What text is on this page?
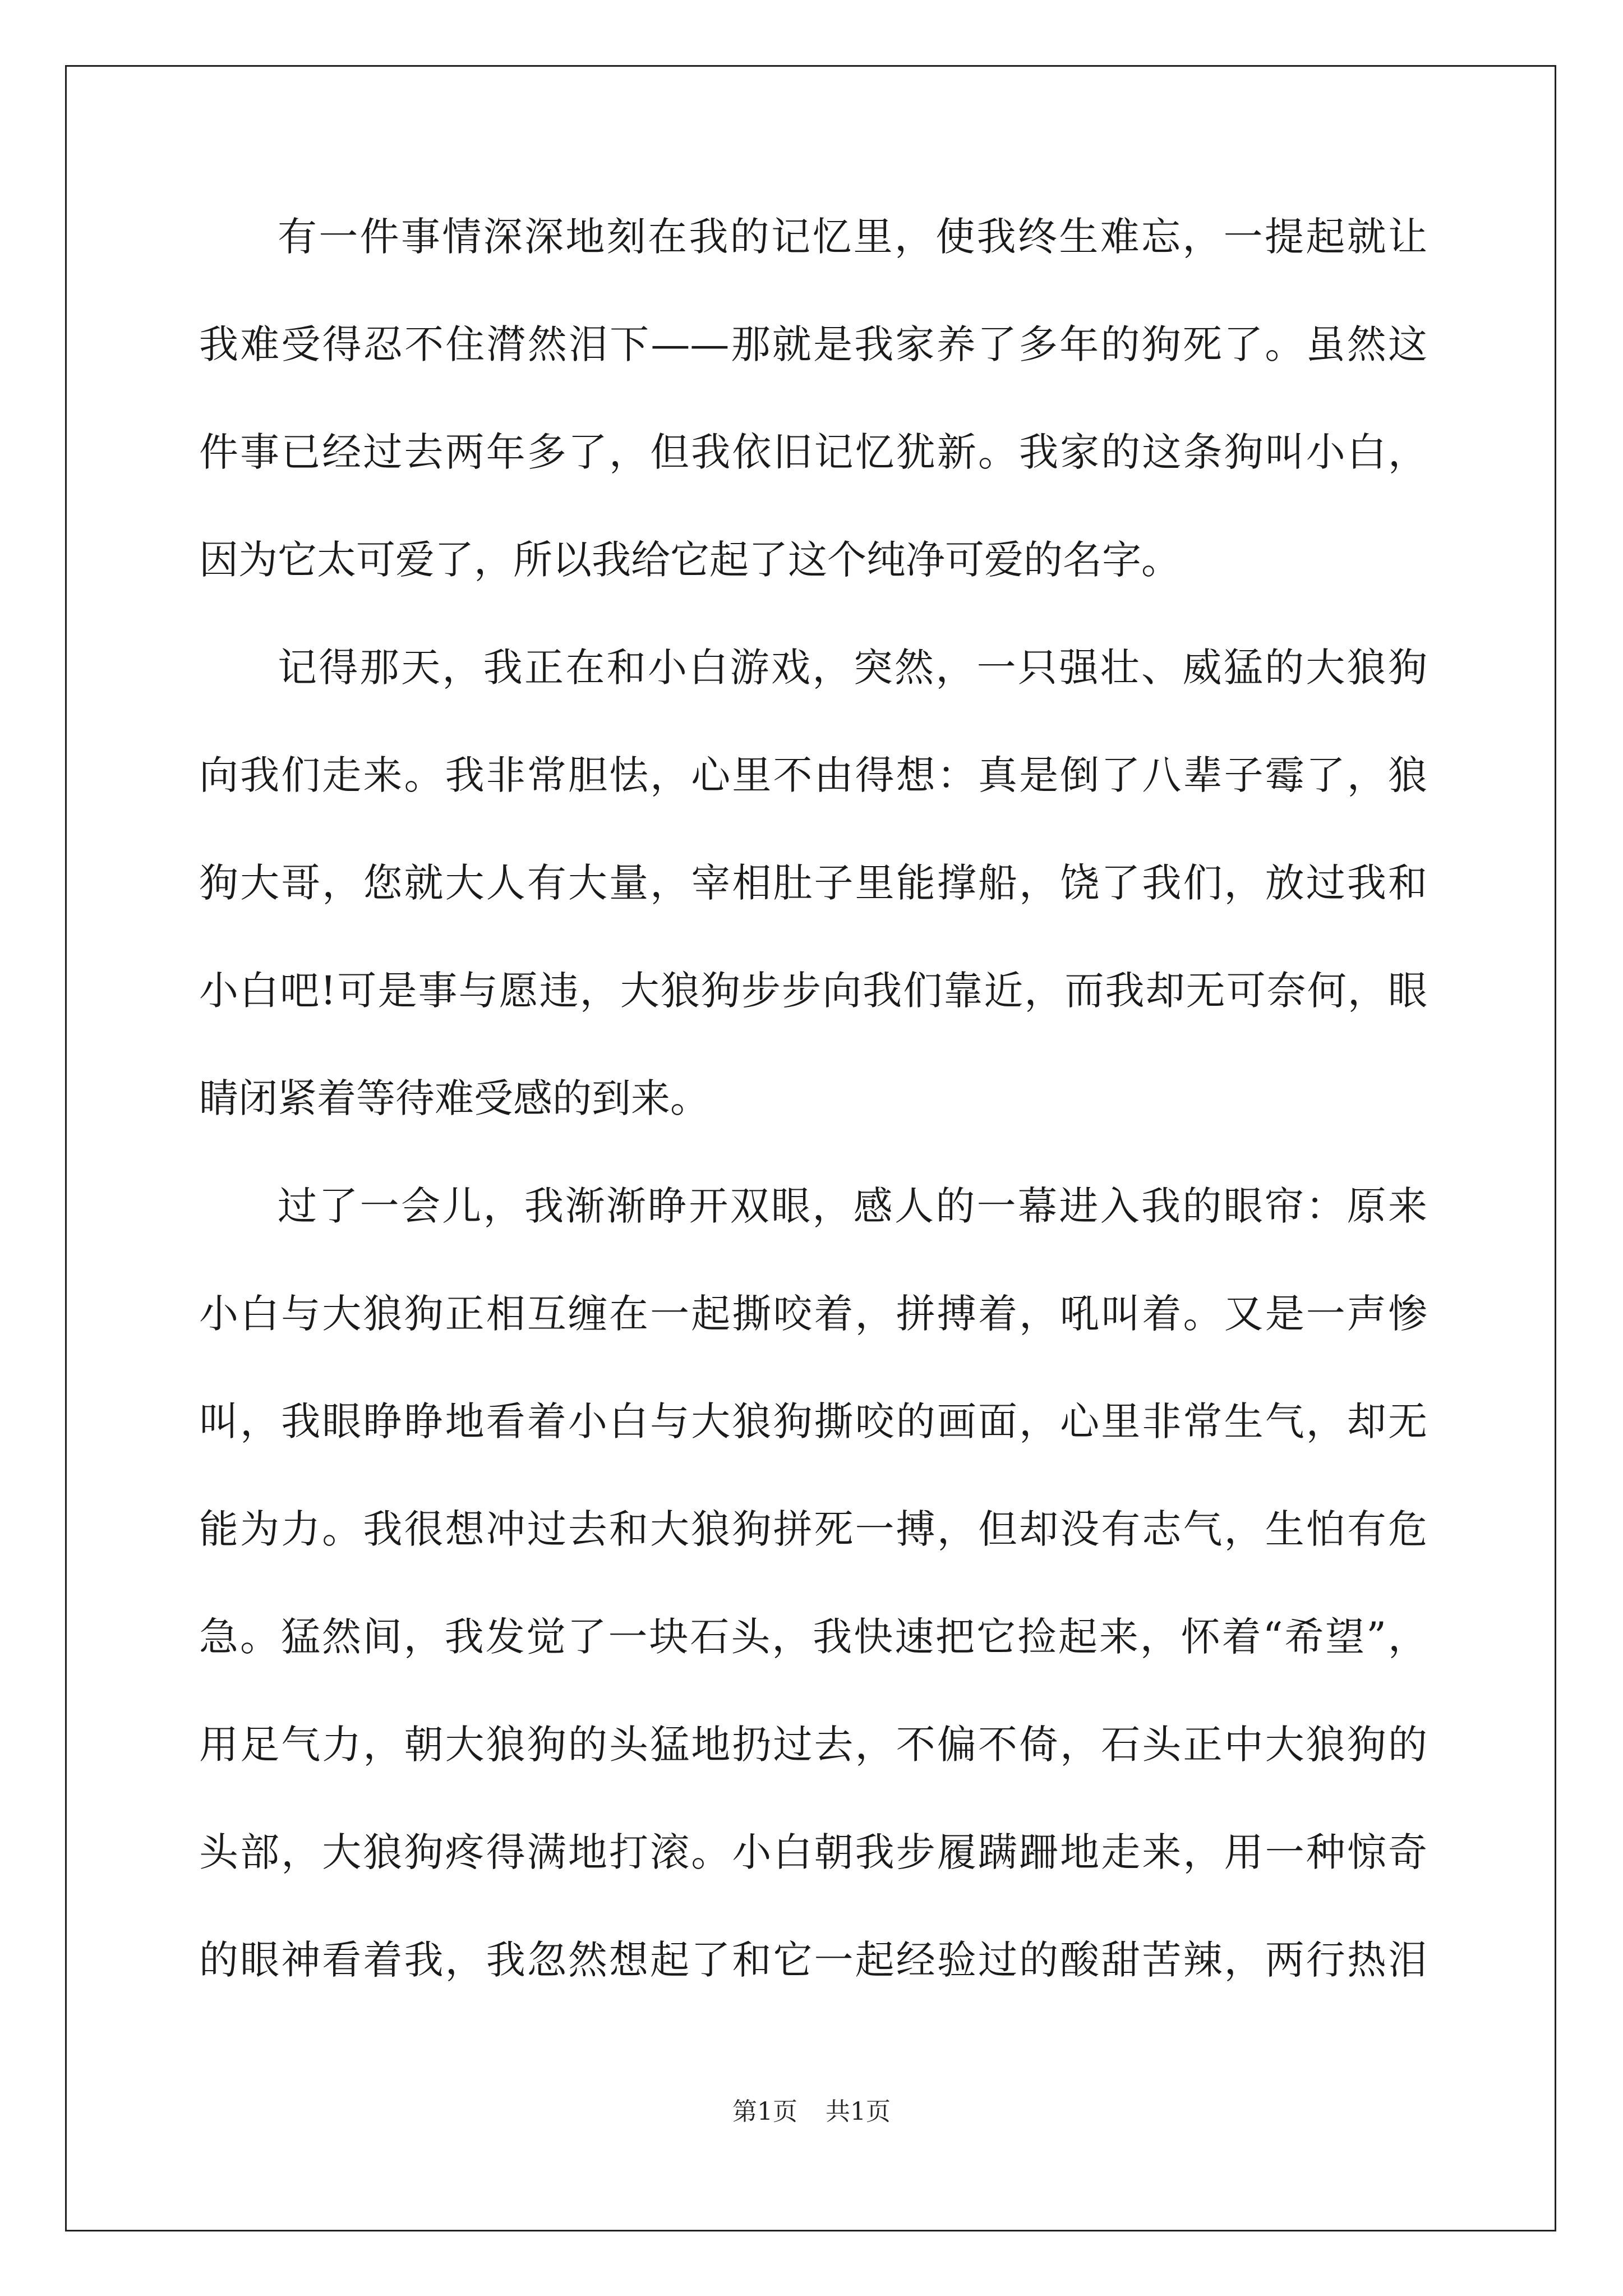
有一件事情深深地刻在我的记忆里，使我终生难忘，一提起就让
我难受得忍不住潸然泪下——那就是我家养了多年的狗死了。虽然这
件事已经过去两年多了，但我依旧记忆犹新。我家的这条狗叫小白，
因为它太可爱了，所以我给它起了这个纯净可爱的名字。
记得那天，我正在和小白游戏，突然，一只强壮、威猛的大狼狗
向我们走来。我非常胆怯，心里不由得想：真是倒了八辈子霉了，狼
狗大哥，您就大人有大量，宰相肚子里能撑船，饶了我们，放过我和
小白吧!可是事与愿违，大狼狗步步向我们靠近，而我却无可奈何，眼
睛闭紧着等待难受感的到来。
过了一会儿，我渐渐睁开双眼，感人的一幕进入我的眼帘：原来
小白与大狼狗正相互缠在一起撕咬着，拼搏着，吼叫着。又是一声惨
叫，我眼睁睁地看着小白与大狼狗撕咬的画面，心里非常生气，却无
能为力。我很想冲过去和大狼狗拼死一搏，但却没有志气，生怕有危
急。猛然间，我发觉了一块石头，我快速把它捡起来，怀着“希望”，
用足气力，朝大狼狗的头猛地扔过去，不偏不倚，石头正中大狼狗的
头部，大狼狗疼得满地打滚。小白朝我步履蹒跚地走来，用一种惊奇
的眼神看着我，我忽然想起了和它一起经验过的酸甜苦辣，两行热泪
第1页 共1页
